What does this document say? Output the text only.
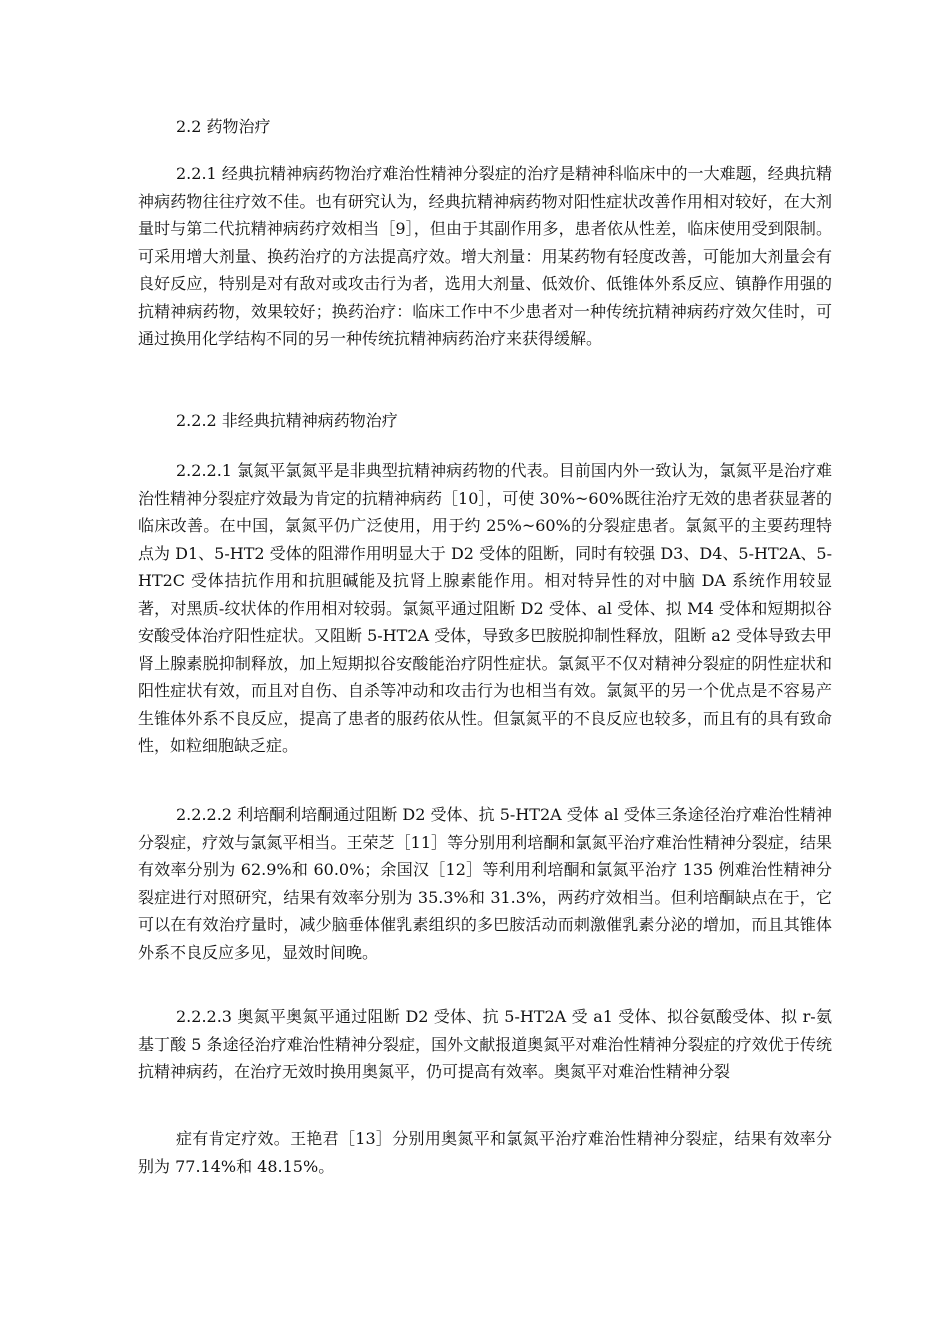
2.2 药物治疗

2.2.1 经典抗精神病药物治疗难治性精神分裂症的治疗是精神科临床中的一大难题，经典抗精神病药物往往疗效不佳。也有研究认为，经典抗精神病药物对阳性症状改善作用相对较好，在大剂量时与第二代抗精神病药疗效相当［9］，但由于其副作用多，患者依从性差，临床使用受到限制。可采用增大剂量、换药治疗的方法提高疗效。增大剂量：用某药物有轻度改善，可能加大剂量会有良好反应，特别是对有敌对或攻击行为者，选用大剂量、低效价、低锥体外系反应、镇静作用强的抗精神病药物，效果较好；换药治疗：临床工作中不少患者对一种传统抗精神病药疗效欠佳时，可通过换用化学结构不同的另一种传统抗精神病药治疗来获得缓解。

2.2.2 非经典抗精神病药物治疗

2.2.2.1 氯氮平氯氮平是非典型抗精神病药物的代表。目前国内外一致认为，氯氮平是治疗难治性精神分裂症疗效最为肯定的抗精神病药［10］，可使 30%~60%既往治疗无效的患者获显著的临床改善。在中国，氯氮平仍广泛使用，用于约 25%~60%的分裂症患者。氯氮平的主要药理特点为 D1、5-HT2 受体的阻滞作用明显大于 D2 受体的阻断，同时有较强 D3、D4、5-HT2A、5-HT2C 受体拮抗作用和抗胆碱能及抗肾上腺素能作用。相对特异性的对中脑 DA 系统作用较显著，对黑质-纹状体的作用相对较弱。氯氮平通过阻断 D2 受体、al 受体、拟 M4 受体和短期拟谷安酸受体治疗阳性症状。又阻断 5-HT2A 受体，导致多巴胺脱抑制性释放，阻断 a2 受体导致去甲肾上腺素脱抑制释放，加上短期拟谷安酸能治疗阴性症状。氯氮平不仅对精神分裂症的阴性症状和阳性症状有效，而且对自伤、自杀等冲动和攻击行为也相当有效。氯氮平的另一个优点是不容易产生锥体外系不良反应，提高了患者的服药依从性。但氯氮平的不良反应也较多，而且有的具有致命性，如粒细胞缺乏症。

2.2.2.2 利培酮利培酮通过阻断 D2 受体、抗 5-HT2A 受体 al 受体三条途径治疗难治性精神分裂症，疗效与氯氮平相当。王荣芝［11］等分别用利培酮和氯氮平治疗难治性精神分裂症，结果有效率分别为 62.9%和 60.0%；余国汉［12］等利用利培酮和氯氮平治疗 135 例难治性精神分裂症进行对照研究，结果有效率分别为 35.3%和 31.3%，两药疗效相当。但利培酮缺点在于，它可以在有效治疗量时，减少脑垂体催乳素组织的多巴胺活动而刺激催乳素分泌的增加，而且其锥体外系不良反应多见，显效时间晚。

2.2.2.3 奥氮平奥氮平通过阻断 D2 受体、抗 5-HT2A 受 a1 受体、拟谷氨酸受体、拟 r-氨基丁酸 5 条途径治疗难治性精神分裂症，国外文献报道奥氮平对难治性精神分裂症的疗效优于传统抗精神病药，在治疗无效时换用奥氮平，仍可提高有效率。奥氮平对难治性精神分裂

症有肯定疗效。王艳君［13］分别用奥氮平和氯氮平治疗难治性精神分裂症，结果有效率分别为 77.14%和 48.15%。
